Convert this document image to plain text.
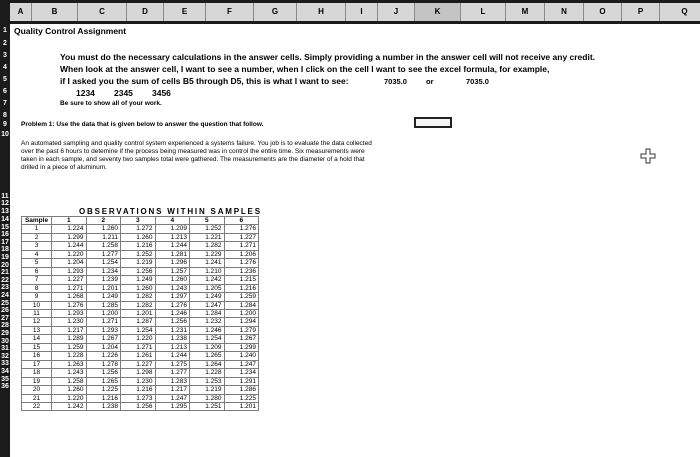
A	B	C	D	E	F	G	H	I	J	K	L	M	N	O	P	Q
1
2
3
4
5
6
7
8
9
10
11
12
13
14
15
16
17
18
19
20
21
22
23
24
25
26
27
28
29
30
31
32
33
34
35
36
Quality Control Assignment
You must do the necessary calculations in the answer cells. Simply providing a number in the answer cell will not receive any credit.
When look at the answer cell, I want to see a number, when I click on the cell I want to see the excel formula, for example,
if I asked you the sum of cells B5 through D5, this is what I want to see:	7035.0	or	7035.0
1234 2345 3456
Be sure to show all of your work.
Problem 1: Use the data that is given below to answer the question that follow.
An automated sampling and quality control system experienced a systems failure. You job is to evaluate the data collected over the past 6 hours to detemine if the process being measured was in control the entire time. Six measurements were taken in each sample, and seventy two samples total were gathered. The measurements are the diameter of a hold that drilled in a piece of aluminum.
OBSERVATIONS WITHIN SAMPLES
Sample	1	2	3	4	5	6
1	1.224	1.260	1.272	1.209	1.252	1.276
2	1.299	1.211	1.260	1.213	1.221	1.227
3	1.244	1.258	1.216	1.244	1.282	1.271
4	1.220	1.277	1.252	1.281	1.229	1.206
5	1.204	1.254	1.219	1.296	1.241	1.276
6	1.293	1.234	1.256	1.257	1.210	1.236
7	1.227	1.239	1.249	1.260	1.242	1.215
8	1.271	1.201	1.260	1.243	1.205	1.216
9	1.268	1.249	1.282	1.297	1.249	1.259
10	1.276	1.285	1.282	1.276	1.247	1.284
11	1.293	1.200	1.201	1.246	1.284	1.200
12	1.230	1.271	1.287	1.256	1.232	1.294
13	1.217	1.293	1.254	1.231	1.246	1.279
14	1.289	1.267	1.220	1.238	1.254	1.267
15	1.259	1.204	1.271	1.213	1.209	1.299
16	1.228	1.226	1.261	1.244	1.265	1.240
17	1.263	1.278	1.227	1.275	1.264	1.247
18	1.243	1.256	1.298	1.277	1.228	1.234
19	1.258	1.265	1.230	1.283	1.253	1.291
20	1.260	1.225	1.216	1.217	1.219	1.286
21	1.220	1.216	1.273	1.247	1.280	1.225
22	1.242	1.238	1.256	1.295	1.251	1.201
